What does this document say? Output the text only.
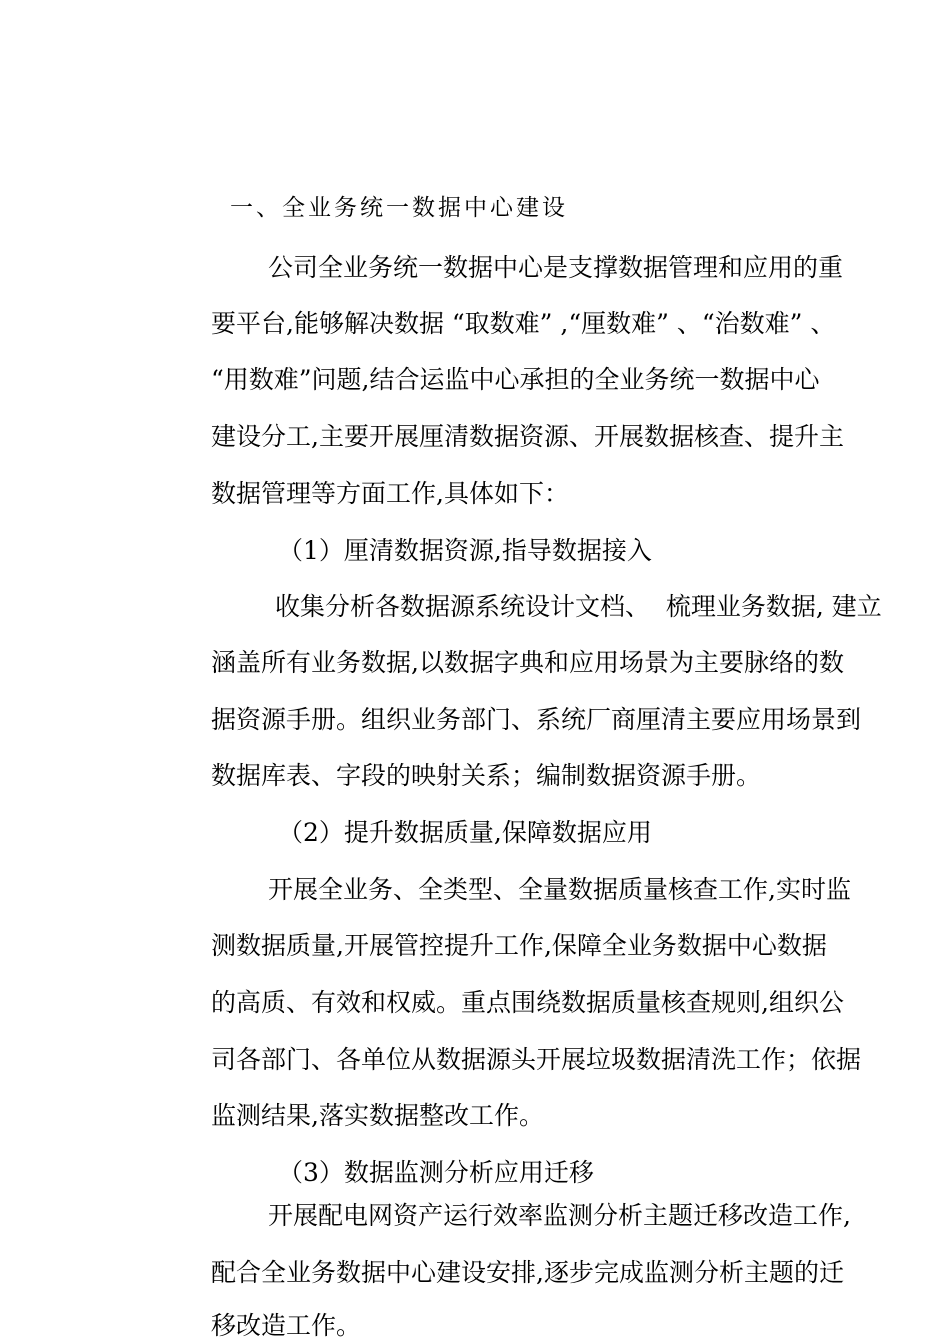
一、全业务统一数据中心建设

公司全业务统一数据中心是支撑数据管理和应用的重

要平台,能够解决数据 “取数难” ,“厘数难” 、“治数难” 、

“用数难”问题,结合运监中心承担的全业务统一数据中心

建设分工,主要开展厘清数据资源、开展数据核查、提升主

数据管理等方面工作,具体如下：

（1）厘清数据资源,指导数据接入

收集分析各数据源系统设计文档、  梳理业务数据, 建立

涵盖所有业务数据,以数据字典和应用场景为主要脉络的数

据资源手册。组织业务部门、系统厂商厘清主要应用场景到

数据库表、字段的映射关系；编制数据资源手册。

（2）提升数据质量,保障数据应用

开展全业务、全类型、全量数据质量核查工作,实时监

测数据质量,开展管控提升工作,保障全业务数据中心数据

的高质、有效和权威。重点围绕数据质量核查规则,组织公

司各部门、各单位从数据源头开展垃圾数据清洗工作；依据

监测结果,落实数据整改工作。

（3）数据监测分析应用迁移

开展配电网资产运行效率监测分析主题迁移改造工作,

配合全业务数据中心建设安排,逐步完成监测分析主题的迁

移改造工作。
